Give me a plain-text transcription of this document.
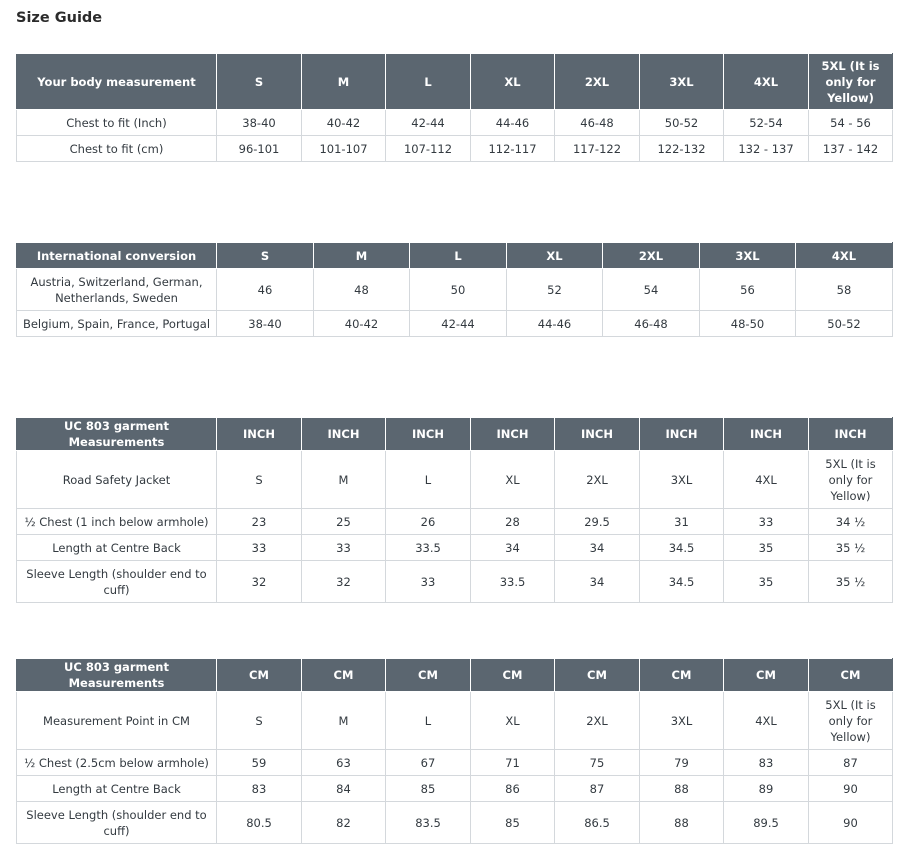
Size Guide
Your body measurement	S	M	L	XL	2XL	3XL	4XL	5XL (It is only for Yellow)
Chest to fit (Inch)	38-40	40-42	42-44	44-46	46-48	50-52	52-54	54 - 56
Chest to fit (cm)	96-101	101-107	107-112	112-117	117-122	122-132	132 - 137	137 - 142
International conversion	S	M	L	XL	2XL	3XL	4XL
Austria, Switzerland, German, Netherlands, Sweden	46	48	50	52	54	56	58
Belgium, Spain, France, Portugal	38-40	40-42	42-44	44-46	46-48	48-50	50-52
UC 803 garment Measurements	INCH	INCH	INCH	INCH	INCH	INCH	INCH	INCH
Road Safety Jacket	S	M	L	XL	2XL	3XL	4XL	5XL (It is only for Yellow)
½ Chest (1 inch below armhole)	23	25	26	28	29.5	31	33	34 ½
Length at Centre Back	33	33	33.5	34	34	34.5	35	35 ½
Sleeve Length (shoulder end to cuff)	32	32	33	33.5	34	34.5	35	35 ½
UC 803 garment Measurements	CM	CM	CM	CM	CM	CM	CM	CM
Measurement Point in CM	S	M	L	XL	2XL	3XL	4XL	5XL (It is only for Yellow)
½ Chest (2.5cm below armhole)	59	63	67	71	75	79	83	87
Length at Centre Back	83	84	85	86	87	88	89	90
Sleeve Length (shoulder end to cuff)	80.5	82	83.5	85	86.5	88	89.5	90
